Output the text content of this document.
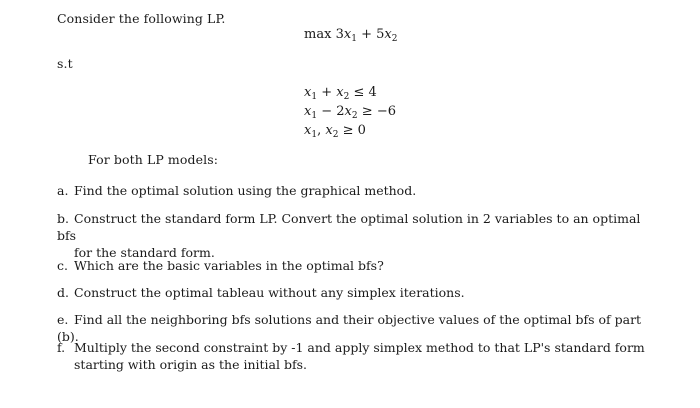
Consider the following LP.
$\max 3x_1 + 5x_2$
s.t
$x_1 + x_2 \le 4$
$x_1 - 2x_2 \ge -6$
$x_1$, $x_2 \ge 0$
For both LP models:
a. Find the optimal solution using the graphical method.
b. Construct the standard form LP. Convert the optimal solution in 2 variables to an optimal bfs
for the standard form.
c. Which are the basic variables in the optimal bfs?
d. Construct the optimal tableau without any simplex iterations.
e. Find all the neighboring bfs solutions and their objective values of the optimal bfs of part (b).
f. Multiply the second constraint by -1 and apply simplex method to that LP's standard form
starting with origin as the initial bfs.
